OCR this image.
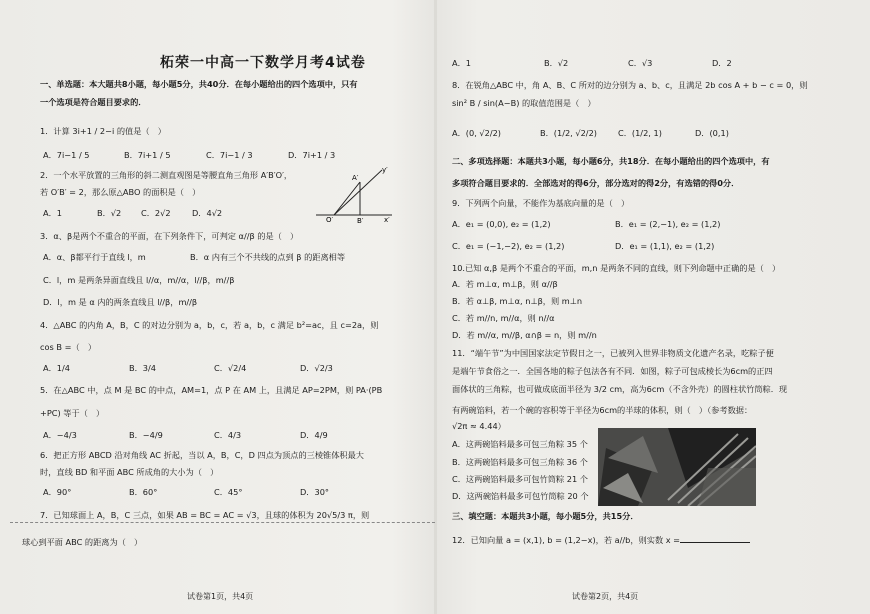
柘荣一中高一下数学月考4试卷
一、单选题：本大题共8小题，每小题5分，共40分．在每小题给出的四个选项中，只有
一个选项是符合题目要求的．
1．计算 3i+1 / 2−i 的值是（　）
A．7i−1 / 5	B．7i+1 / 5	C．7i−1 / 3	D．7i+1 / 3
2．一个水平放置的三角形的斜二测直观图是等腰直角三角形 A′B′O′，
若 O′B′ = 2，那么原△ABO 的面积是（　）
A．1	B．√2 C．2√2	D．4√2
y′
A′
O′	B′	x′
3．α、β是两个不重合的平面，在下列条件下，可判定 α//β 的是（　）
A．α、β都平行于直线 l，m	B．α 内有三个不共线的点到 β 的距离相等
C．l，m 是两条异面直线且 l//α，m//α，l//β，m//β
D．l，m 是 α 内的两条直线且 l//β，m//β
4．△ABC 的内角 A，B，C 的对边分别为 a，b，c，若 a，b，c 满足 b²=ac，且 c=2a，则
cos B =（　）
A．1/4	B．3/4	C．√2/4	D．√2/3
5．在△ABC 中，点 M 是 BC 的中点，AM=1，点 P 在 AM 上，且满足 AP=2PM，则 PA·(PB
+PC) 等于（　）
A．−4/3	B．−4/9	C．4/3	D．4/9
6．把正方形 ABCD 沿对角线 AC 折起，当以 A，B，C，D 四点为顶点的三棱锥体积最大
时，直线 BD 和平面 ABC 所成角的大小为（　）
A．90°	B．60°	C．45°	D．30°
7．已知球面上 A，B，C 三点，如果 AB = BC = AC = √3，且球的体积为 20√5/3 π，则
球心到平面 ABC 的距离为（　）
试卷第1页，共4页
A．1	B．√2	C．√3	D．2
8．在锐角△ABC 中，角 A、B、C 所对的边分别为 a、b、c，且满足 2b cos A + b − c = 0，则
sin² B / sin(A−B) 的取值范围是（　）
A．(0, √2/2)	B．(1/2, √2/2)	C．(1/2, 1)	D．(0,1)
二、多项选择题：本题共3小题，每小题6分，共18分．在每小题给出的四个选项中，有
多项符合题目要求的．全部选对的得6分，部分选对的得2分，有选错的得0分．
9．下列两个向量，不能作为基底向量的是（　）
A．e₁ = (0,0), e₂ = (1,2)	B．e₁ = (2,−1), e₂ = (1,2)
C．e₁ = (−1,−2), e₂ = (1,2)	D．e₁ = (1,1), e₂ = (1,2)
10.已知 α,β 是两个不重合的平面，m,n 是两条不同的直线，则下列命题中正确的是（　）
A．若 m⊥α, m⊥β，则 α//β
B．若 α⊥β, m⊥α, n⊥β，则 m⊥n
C．若 m//n, m//α，则 n//α
D．若 m//α, m//β, α∩β = n，则 m//n
11．“端午节”为中国国家法定节假日之一，已被列入世界非物质文化遗产名录，吃粽子便
是端午节食俗之一．全国各地的粽子包法各有不同．如图，粽子可包成棱长为6cm的正四
面体状的三角粽，也可做成底面半径为 3/2 cm，高为6cm（不含外壳）的圆柱状竹筒粽．现
有两碗馅料，若一个碗的容积等于半径为6cm的半球的体积，则（　）（参考数据：
√2π ≈ 4.44）
A．这两碗馅料最多可包三角粽 35 个
B．这两碗馅料最多可包三角粽 36 个
C．这两碗馅料最多可包竹筒粽 21 个
D．这两碗馅料最多可包竹筒粽 20 个
三、填空题：本题共3小题，每小题5分，共15分．
12．已知向量 a = (x,1), b = (1,2−x)，若 a//b，则实数 x =
试卷第2页，共4页
